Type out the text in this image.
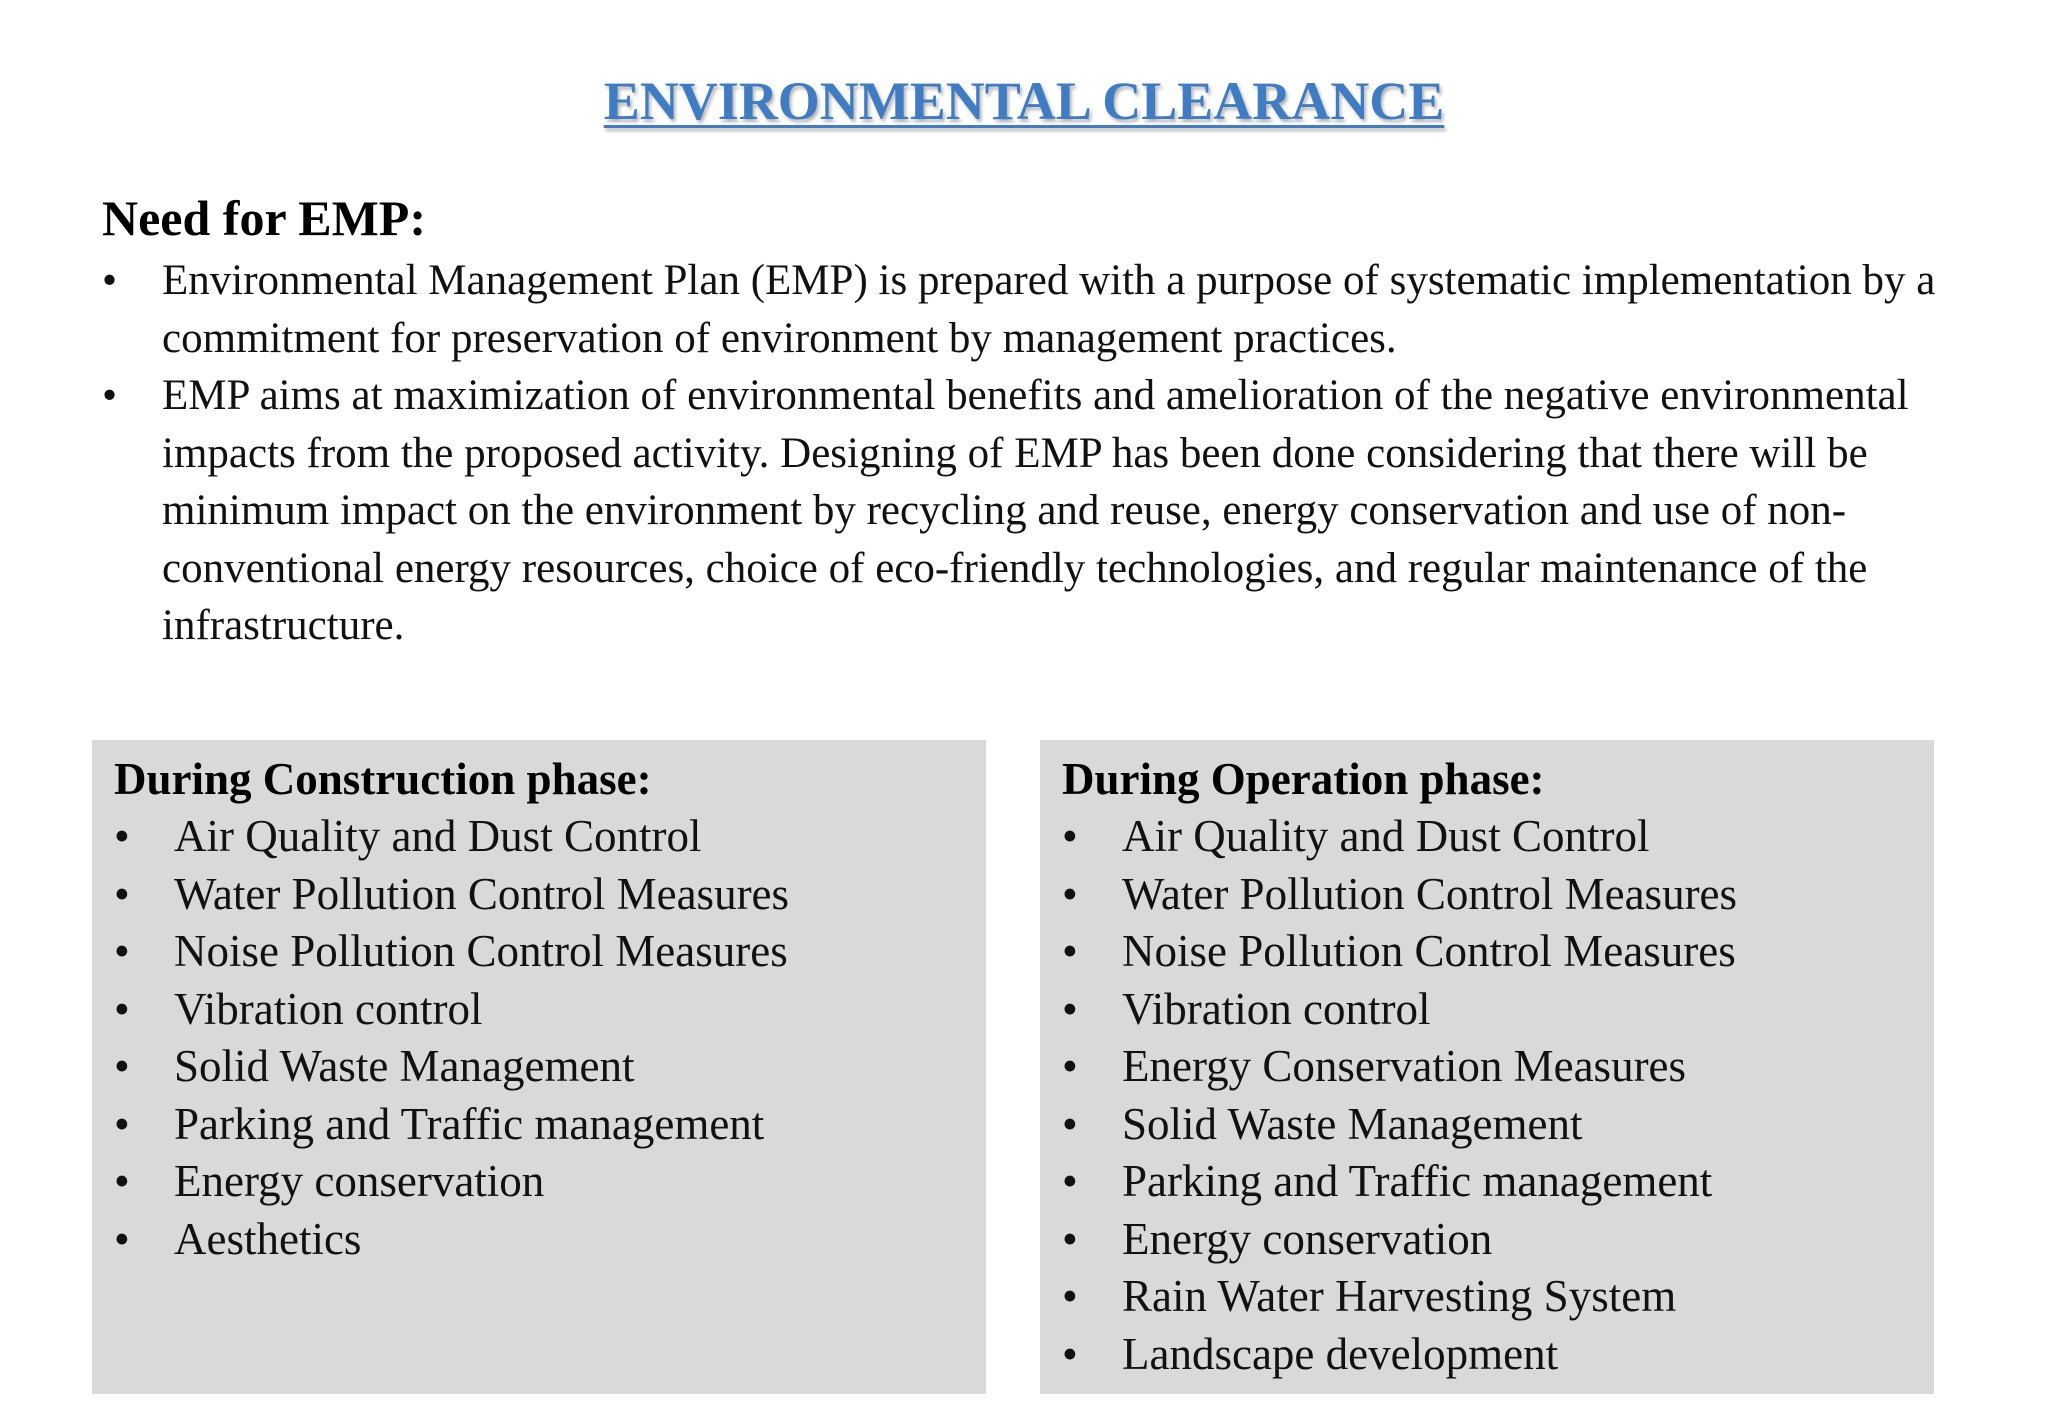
ENVIRONMENTAL CLEARANCE
Need for EMP:
• Environmental Management Plan (EMP) is prepared with a purpose of systematic implementation by a commitment for preservation of environment by management practices.
• EMP aims at maximization of environmental benefits and amelioration of the negative environmental impacts from the proposed activity. Designing of EMP has been done considering that there will be minimum impact on the environment by recycling and reuse, energy conservation and use of non-conventional energy resources, choice of eco-friendly technologies, and regular maintenance of the infrastructure.
During Construction phase:
• Air Quality and Dust Control
• Water Pollution Control Measures
• Noise Pollution Control Measures
• Vibration control
• Solid Waste Management
• Parking and Traffic management
• Energy conservation
• Aesthetics
During Operation phase:
• Air Quality and Dust Control
• Water Pollution Control Measures
• Noise Pollution Control Measures
• Vibration control
• Energy Conservation Measures
• Solid Waste Management
• Parking and Traffic management
• Energy conservation
• Rain Water Harvesting System
• Landscape development
